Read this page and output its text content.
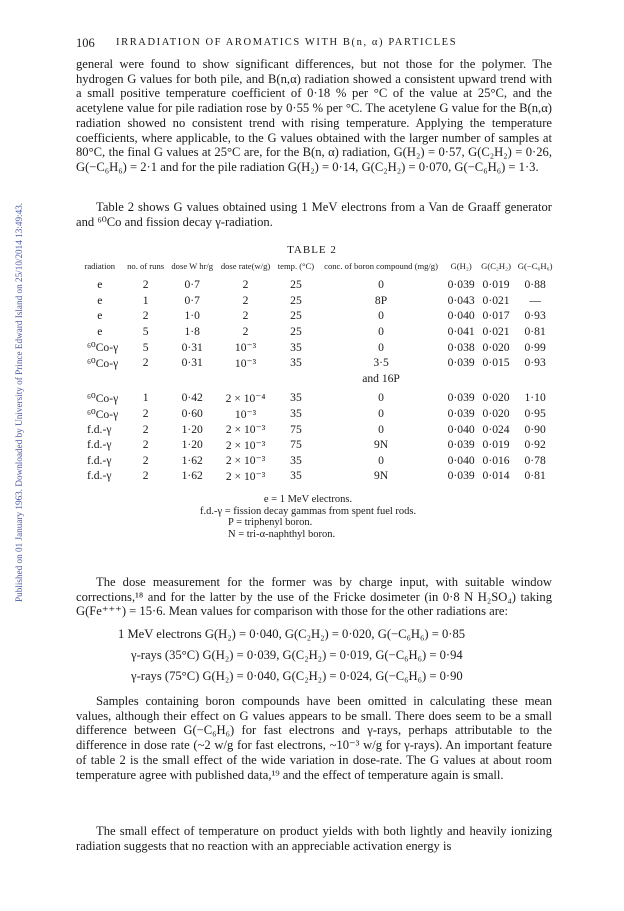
Published on 01 January 1963. Downloaded by University of Prince Edward Island on 25/10/2014 13:49:43.
106 IRRADIATION OF AROMATICS WITH B(n, α) PARTICLES

general were found to show significant differences, but not those for the polymer. The hydrogen G values for both pile, and B(n,α) radiation showed a consistent upward trend with a small positive temperature coefficient of 0·18 % per °C of the value at 25°C, and the acetylene value for pile radiation rose by 0·55 % per °C. The acetylene G value for the B(n,α) radiation showed no consistent trend with rising temperature. Applying the temperature coefficients, where applicable, to the G values obtained with the larger number of samples at 80°C, the final G values at 25°C are, for the B(n, α) radiation, G(H₂) = 0·57, G(C₂H₂) = 0·26, G(−C₆H₆) = 2·1 and for the pile radiation G(H₂) = 0·14, G(C₂H₂) = 0·070, G(−C₆H₆) = 1·3.

Table 2 shows G values obtained using 1 MeV electrons from a Van de Graaff generator and ⁶⁰Co and fission decay γ-radiation.

TABLE 2
radiation	no. of runs	dose W hr/g	dose rate(w/g)	temp. (°C)	conc. of boron compound (mg/g)	G(H₂)	G(C₂H₂)	G(−C₆H₆)
e	2	0·7	2	25	0	0·039	0·019	0·88
e	1	0·7	2	25	8P	0·043	0·021	—
e	2	1·0	2	25	0	0·040	0·017	0·93
e	5	1·8	2	25	0	0·041	0·021	0·81
⁶⁰Co-γ	5	0·31	10⁻³	35	0	0·038	0·020	0·99
⁶⁰Co-γ	2	0·31	10⁻³	35	3·5	0·039	0·015	0·93
					and 16P			
⁶⁰Co-γ	1	0·42	2 × 10⁻⁴	35	0	0·039	0·020	1·10
⁶⁰Co-γ	2	0·60	10⁻³	35	0	0·039	0·020	0·95
f.d.-γ	2	1·20	2 × 10⁻³	75	0	0·040	0·024	0·90
f.d.-γ	2	1·20	2 × 10⁻³	75	9N	0·039	0·019	0·92
f.d.-γ	2	1·62	2 × 10⁻³	35	0	0·040	0·016	0·78
f.d.-γ	2	1·62	2 × 10⁻³	35	9N	0·039	0·014	0·81
e = 1 MeV electrons.
f.d.-γ = fission decay gammas from spent fuel rods.
P = triphenyl boron.
N = tri-α-naphthyl boron.

The dose measurement for the former was by charge input, with suitable window corrections,¹⁸ and for the latter by the use of the Fricke dosimeter (in 0·8 N H₂SO₄) taking G(Fe⁺⁺⁺) = 15·6. Mean values for comparison with those for the other radiations are:

1 MeV electrons G(H₂) = 0·040, G(C₂H₂) = 0·020, G(−C₆H₆) = 0·85
γ-rays (35°C) G(H₂) = 0·039, G(C₂H₂) = 0·019, G(−C₆H₆) = 0·94
γ-rays (75°C) G(H₂) = 0·040, G(C₂H₂) = 0·024, G(−C₆H₆) = 0·90

Samples containing boron compounds have been omitted in calculating these mean values, although their effect on G values appears to be small. There does seem to be a small difference between G(−C₆H₆) for fast electrons and γ-rays, perhaps attributable to the difference in dose rate (~2 w/g for fast electrons, ~10⁻³ w/g for γ-rays). An important feature of table 2 is the small effect of the wide variation in dose-rate. The G values at about room temperature agree with published data,¹⁹ and the effect of temperature again is small.

The small effect of temperature on product yields with both lightly and heavily ionizing radiation suggests that no reaction with an appreciable activation energy is
